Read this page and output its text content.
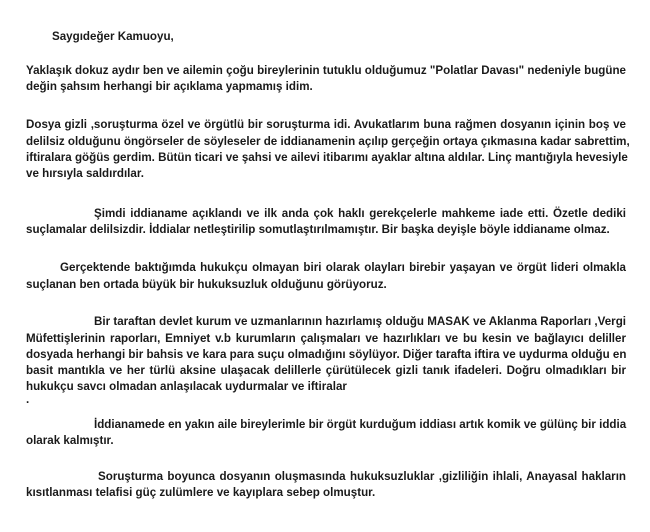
Saygıdeğer Kamuoyu,
Yaklaşık dokuz aydır ben ve ailemin çoğu bireylerinin tutuklu olduğumuz "Polatlar Davası" nedeniyle bugüne
değin şahsım herhangi bir açıklama yapmamış idim.
Dosya gizli ,soruşturma özel ve örgütlü bir soruşturma idi. Avukatlarım buna rağmen dosyanın içinin boş ve
delilsiz olduğunu öngörseler de söyleseler de iddianamenin açılıp gerçeğin ortaya çıkmasına kadar sabrettim,
iftiralara göğüs gerdim. Bütün ticari ve şahsi ve ailevi itibarımı ayaklar altına aldılar. Linç mantığıyla hevesiyle
ve hırsıyla saldırdılar.
Şimdi iddianame açıklandı ve ilk anda çok haklı gerekçelerle mahkeme iade etti. Özetle dediki
suçlamalar delilsizdir. İddialar netleştirilip somutlaştırılmamıştır. Bir başka deyişle böyle iddianame olmaz.
Gerçektende baktığımda hukukçu olmayan biri olarak olayları birebir yaşayan ve örgüt lideri olmakla
suçlanan ben ortada büyük bir hukuksuzluk olduğunu görüyoruz.
Bir taraftan devlet kurum ve uzmanlarının hazırlamış olduğu MASAK ve Aklanma Raporları ,Vergi
Müfettişlerinin raporları, Emniyet v.b kurumların çalışmaları ve hazırlıkları ve bu kesin ve bağlayıcı deliller
dosyada herhangi bir bahsis ve kara para suçu olmadığını söylüyor. Diğer tarafta iftira ve uydurma olduğu en
basit mantıkla ve her türlü aksine ulaşacak delillerle çürütülecek gizli tanık ifadeleri. Doğru olmadıkları bir
hukukçu savcı olmadan anlaşılacak uydurmalar ve iftiralar
.
İddianamede en yakın aile bireylerimle bir örgüt kurduğum iddiası artık komik ve gülünç bir iddia
olarak kalmıştır.
Soruşturma boyunca dosyanın oluşmasında hukuksuzluklar ,gizliliğin ihlali, Anayasal hakların
kısıtlanması telafisi güç zulümlere ve kayıplara sebep olmuştur.
